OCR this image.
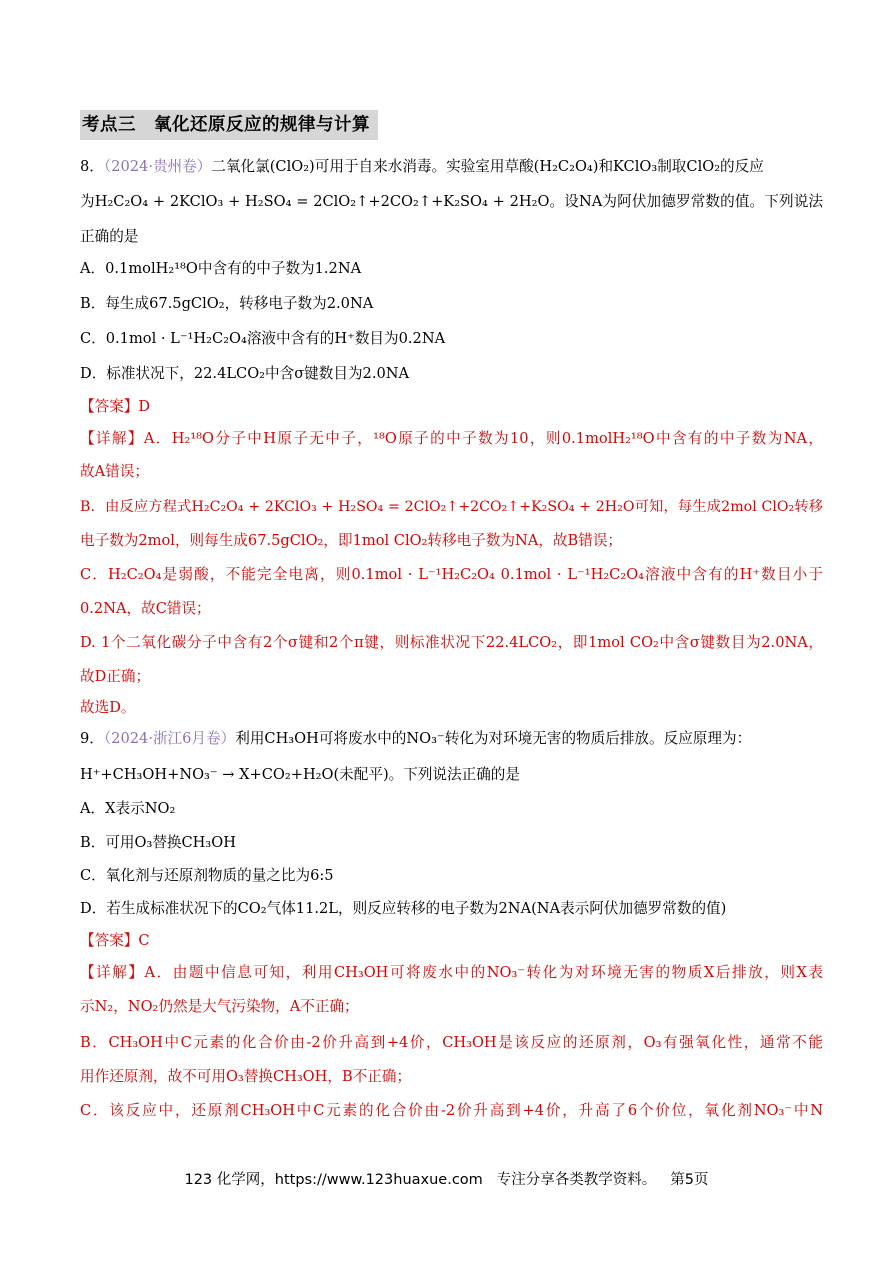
考点三　氧化还原反应的规律与计算
8．（2024·贵州卷）二氧化氯(ClO₂)可用于自来水消毒。实验室用草酸(H₂C₂O₄)和KClO₃制取ClO₂的反应
为H₂C₂O₄ + 2KClO₃ + H₂SO₄ = 2ClO₂↑+2CO₂↑+K₂SO₄ + 2H₂O。设NA为阿伏加德罗常数的值。下列说法
正确的是
A．0.1molH₂¹⁸O中含有的中子数为1.2NA
B．每生成67.5gClO₂，转移电子数为2.0NA
C．0.1mol · L⁻¹H₂C₂O₄溶液中含有的H⁺数目为0.2NA
D．标准状况下，22.4LCO₂中含σ键数目为2.0NA
【答案】D
【详解】A．H₂¹⁸O分子中H原子无中子，¹⁸O原子的中子数为10，则0.1molH₂¹⁸O中含有的中子数为NA，
故A错误；
B．由反应方程式H₂C₂O₄ + 2KClO₃ + H₂SO₄ = 2ClO₂↑+2CO₂↑+K₂SO₄ + 2H₂O可知，每生成2mol ClO₂转移
电子数为2mol，则每生成67.5gClO₂，即1mol ClO₂转移电子数为NA，故B错误；
C．H₂C₂O₄是弱酸，不能完全电离，则0.1mol · L⁻¹H₂C₂O₄ 0.1mol · L⁻¹H₂C₂O₄溶液中含有的H⁺数目小于
0.2NA，故C错误；
D. 1个二氧化碳分子中含有2个σ键和2个π键，则标准状况下22.4LCO₂，即1mol CO₂中含σ键数目为2.0NA，
故D正确；
故选D。
9．（2024·浙江6月卷）利用CH₃OH可将废水中的NO₃⁻转化为对环境无害的物质后排放。反应原理为：
H⁺+CH₃OH+NO₃⁻ → X+CO₂+H₂O(未配平)。下列说法正确的是
A．X表示NO₂
B．可用O₃替换CH₃OH
C．氧化剂与还原剂物质的量之比为6:5
D．若生成标准状况下的CO₂气体11.2L，则反应转移的电子数为2NA(NA表示阿伏加德罗常数的值)
【答案】C
【详解】A．由题中信息可知，利用CH₃OH可将废水中的NO₃⁻转化为对环境无害的物质X后排放，则X表
示N₂，NO₂仍然是大气污染物，A不正确；
B．CH₃OH中C元素的化合价由-2价升高到+4价，CH₃OH是该反应的还原剂，O₃有强氧化性，通常不能
用作还原剂，故不可用O₃替换CH₃OH，B不正确；
C．该反应中，还原剂CH₃OH中C元素的化合价由-2价升高到+4价，升高了6个价位，氧化剂NO₃⁻中N
123 化学网，https://www.123huaxue.com 专注分享各类教学资料。 第5页
